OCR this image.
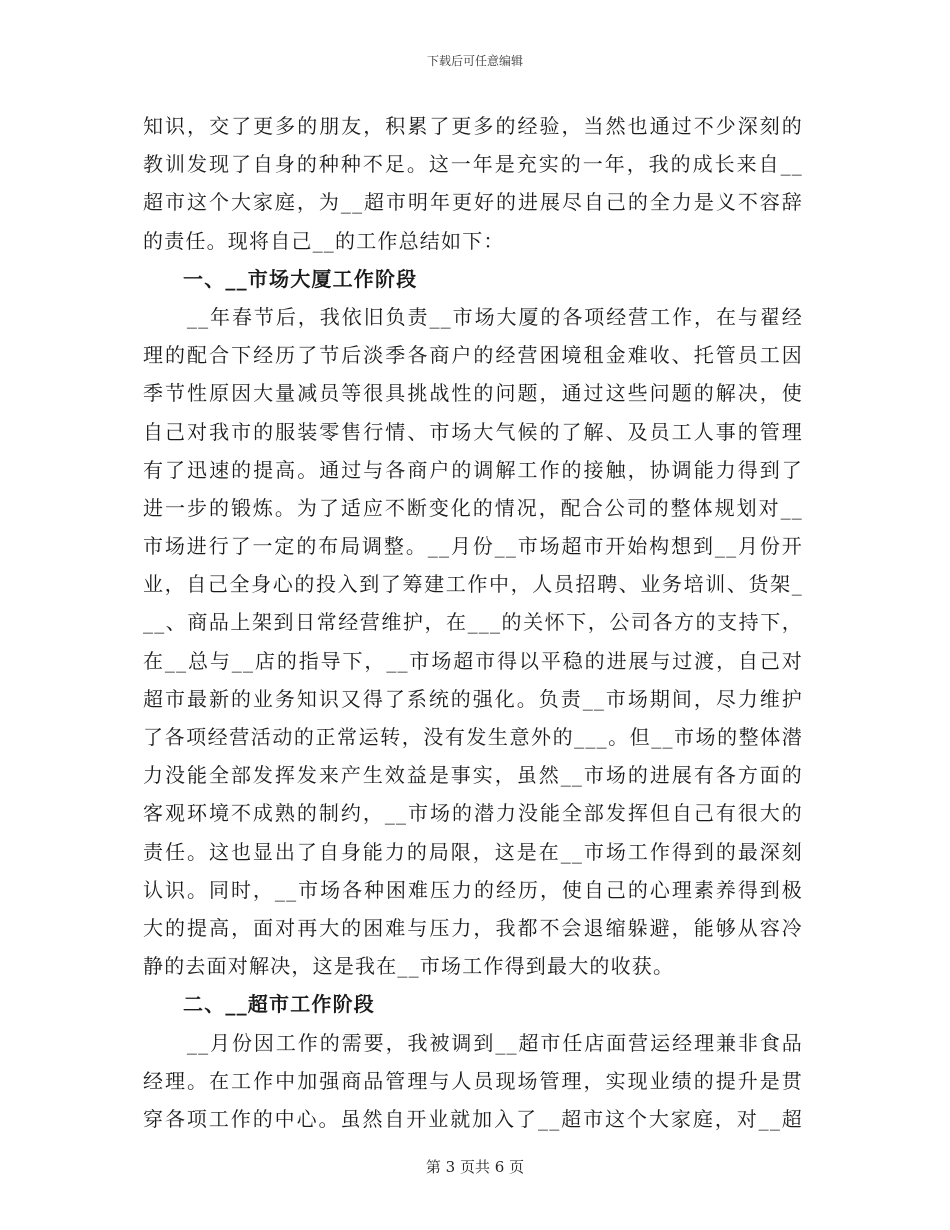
下载后可任意编辑
知识，交了更多的朋友，积累了更多的经验，当然也通过不少深刻的
教训发现了自身的种种不足。这一年是充实的一年，我的成长来自__
超市这个大家庭，为__超市明年更好的进展尽自己的全力是义不容辞
的责任。现将自己__的工作总结如下：
一、__市场大厦工作阶段
　　__年春节后，我依旧负责__市场大厦的各项经营工作，在与翟经
理的配合下经历了节后淡季各商户的经营困境租金难收、托管员工因
季节性原因大量减员等很具挑战性的问题，通过这些问题的解决，使
自己对我市的服装零售行情、市场大气候的了解、及员工人事的管理
有了迅速的提高。通过与各商户的调解工作的接触，协调能力得到了
进一步的锻炼。为了适应不断变化的情况，配合公司的整体规划对__
市场进行了一定的布局调整。__月份__市场超市开始构想到__月份开
业，自己全身心的投入到了筹建工作中，人员招聘、业务培训、货架_
__、商品上架到日常经营维护，在___的关怀下，公司各方的支持下，
在__总与__店的指导下，__市场超市得以平稳的进展与过渡，自己对
超市最新的业务知识又得了系统的强化。负责__市场期间，尽力维护
了各项经营活动的正常运转，没有发生意外的___。但__市场的整体潜
力没能全部发挥发来产生效益是事实，虽然__市场的进展有各方面的
客观环境不成熟的制约，__市场的潜力没能全部发挥但自己有很大的
责任。这也显出了自身能力的局限，这是在__市场工作得到的最深刻
认识。同时，__市场各种困难压力的经历，使自己的心理素养得到极
大的提高，面对再大的困难与压力，我都不会退缩躲避，能够从容冷
静的去面对解决，这是我在__市场工作得到最大的收获。
二、__超市工作阶段
　　__月份因工作的需要，我被调到__超市任店面营运经理兼非食品
经理。在工作中加强商品管理与人员现场管理，实现业绩的提升是贯
穿各项工作的中心。虽然自开业就加入了__超市这个大家庭，对__超
第 3 页共 6 页
